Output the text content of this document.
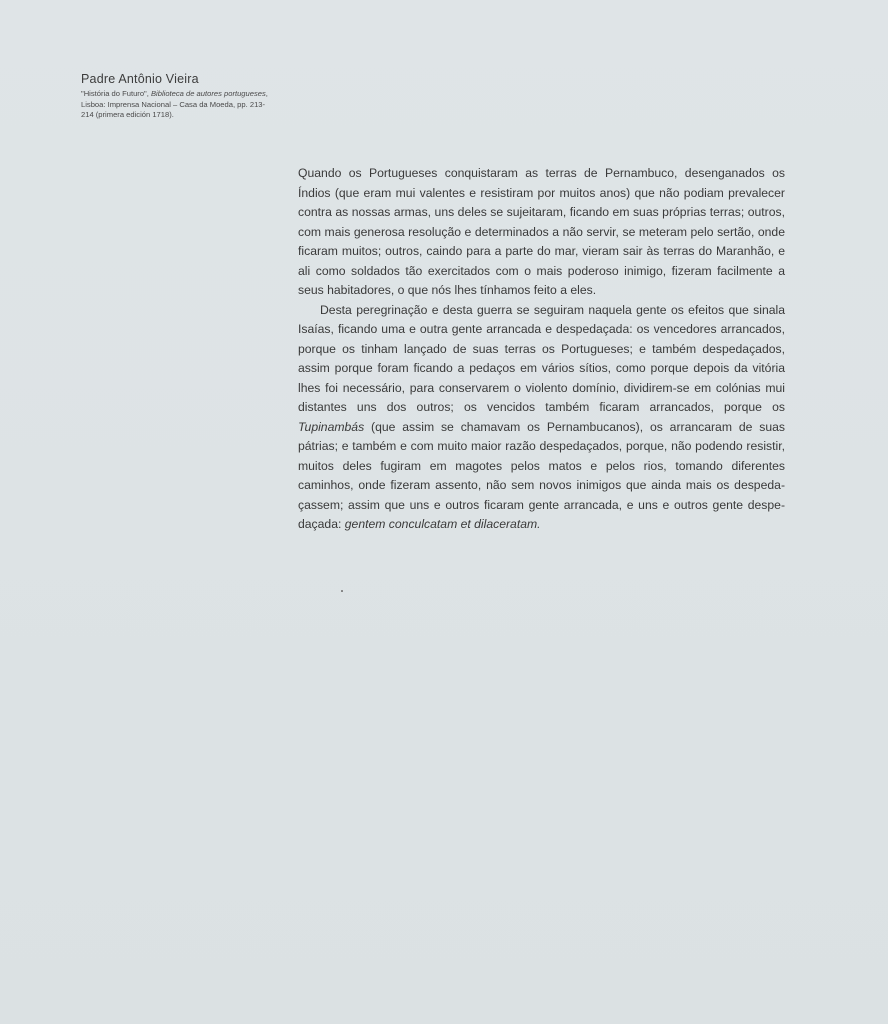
Padre Antônio Vieira

"História do Futuro", Biblioteca de autores portugueses, Lisboa: Imprensa Nacional – Casa da Moeda, pp. 213-214 (primera edición 1718).

Quando os Portugueses conquistaram as terras de Pernambuco, desenganados os Índios (que eram mui valentes e resistiram por muitos anos) que não podiam prevalecer contra as nossas armas, uns deles se sujeitaram, ficando em suas próprias terras; outros, com mais generosa resolução e determinados a não servir, se meteram pelo sertão, onde ficaram muitos; outros, caindo para a parte do mar, vieram sair às terras do Maranhão, e ali como soldados tão exercitados com o mais poderoso inimigo, fizeram facilmente a seus habitadores, o que nós lhes tínhamos feito a eles.

Desta peregrinação e desta guerra se seguiram naquela gente os efeitos que sinala Isaías, ficando uma e outra gente arrancada e despedaçada: os vencedores arrancados, porque os tinham lançado de suas terras os Portugueses; e também despedaçados, assim porque foram ficando a pedaços em vários sítios, como porque depois da vitória lhes foi necessário, para conservarem o violento domínio, dividirem-se em colónias mui distantes uns dos outros; os vencidos também ficaram arrancados, porque os Tupinambás (que assim se chamavam os Pernambucanos), os arrancaram de suas pátrias; e também e com muito maior razão despedaçados, porque, não podendo resistir, muitos deles fugiram em magotes pelos matos e pelos rios, tomando diferentes caminhos, onde fizeram assento, não sem novos inimigos que ainda mais os despedaçassem; assim que uns e outros ficaram gente arrancada, e uns e outros gente despedaçada: gentem conculcatam et dilaceratam.
